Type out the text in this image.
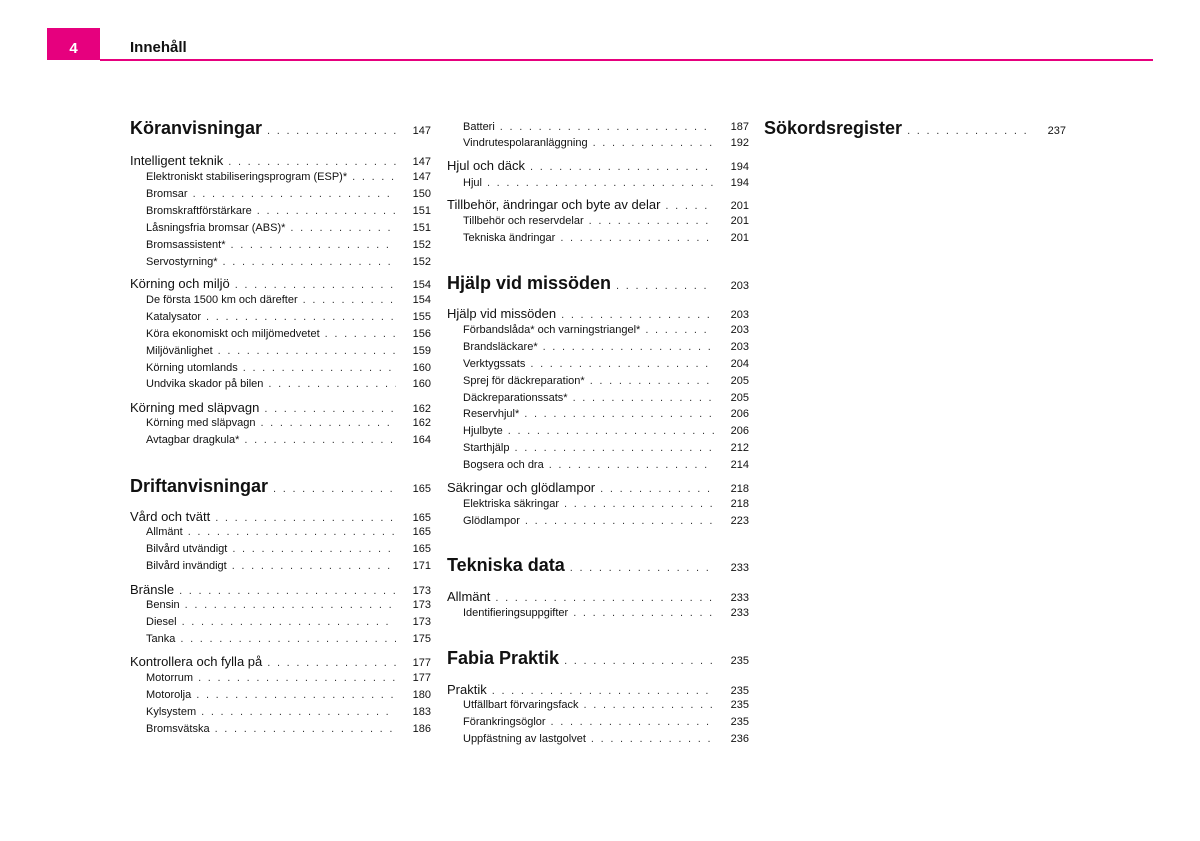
4	Innehåll
Köranvisningar . . .	147
Intelligent teknik . . .	147
Elektroniskt stabiliseringsprogram (ESP)* . . .	147
Bromsar . . .	150
Bromskraftförstärkare . . .	151
Låsningsfria bromsar (ABS)* . . .	151
Bromsassistent* . . .	152
Servostyrning* . . .	152
Körning och miljö . . .	154
De första 1500 km och därefter . . .	154
Katalysator . . .	155
Köra ekonomiskt och miljömedvetet . . .	156
Miljövänlighet . . .	159
Körning utomlands . . .	160
Undvika skador på bilen . . .	160
Körning med släpvagn . . .	162
Körning med släpvagn . . .	162
Avtagbar dragkula* . . .	164
Driftanvisningar . . .	165
Vård och tvätt . . .	165
Allmänt . . .	165
Bilvård utvändigt . . .	165
Bilvård invändigt . . .	171
Bränsle . . .	173
Bensin . . .	173
Diesel . . .	173
Tanka . . .	175
Kontrollera och fylla på . . .	177
Motorrum . . .	177
Motorolja . . .	180
Kylsystem . . .	183
Bromsvätska . . .	186
Batteri . . .	187
Vindrutespolaranläggning . . .	192
Hjul och däck . . .	194
Hjul . . .	194
Tillbehör, ändringar och byte av delar . . .	201
Tillbehör och reservdelar . . .	201
Tekniska ändringar . . .	201
Hjälp vid missöden . . .	203
Hjälp vid missöden . . .	203
Förbandslåda* och varningstriangel* . . .	203
Brandsläckare* . . .	203
Verktygssats . . .	204
Sprej för däckreparation* . . .	205
Däckreparationssats* . . .	205
Reservhjul* . . .	206
Hjulbyte . . .	206
Starthjälp . . .	212
Bogsera och dra . . .	214
Säkringar och glödlampor . . .	218
Elektriska säkringar . . .	218
Glödlampor . . .	223
Tekniska data . . .	233
Allmänt . . .	233
Identifieringsuppgifter . . .	233
Fabia Praktik . . .	235
Praktik . . .	235
Utfällbart förvaringsfack . . .	235
Förankringsöglor . . .	235
Uppfästning av lastgolvet . . .	236
Sökordsregister . . .	237
